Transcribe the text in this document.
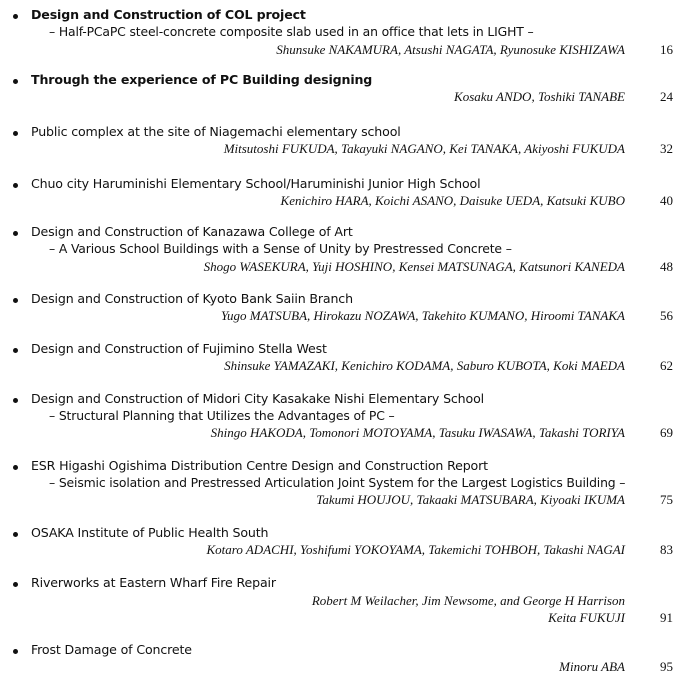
Design and Construction of COL project
– Half-PCaPC steel-concrete composite slab used in an office that lets in LIGHT –
Shunsuke NAKAMURA, Atsushi NAGATA, Ryunosuke KISHIZAWA	16
Through the experience of PC Building designing
Kosaku ANDO, Toshiki TANABE	24
Public complex at the site of Niagemachi elementary school
Mitsutoshi FUKUDA, Takayuki NAGANO, Kei TANAKA, Akiyoshi FUKUDA	32
Chuo city Haruminishi Elementary School/Haruminishi Junior High School
Kenichiro HARA, Koichi ASANO, Daisuke UEDA, Katsuki KUBO	40
Design and Construction of Kanazawa College of Art
– A Various School Buildings with a Sense of Unity by Prestressed Concrete –
Shogo WASEKURA, Yuji HOSHINO, Kensei MATSUNAGA, Katsunori KANEDA	48
Design and Construction of Kyoto Bank Saiin Branch
Yugo MATSUBA, Hirokazu NOZAWA, Takehito KUMANO, Hiroomi TANAKA	56
Design and Construction of Fujimino Stella West
Shinsuke YAMAZAKI, Kenichiro KODAMA, Saburo KUBOTA, Koki MAEDA	62
Design and Construction of Midori City Kasakake Nishi Elementary School
– Structural Planning that Utilizes the Advantages of PC –
Shingo HAKODA, Tomonori MOTOYAMA, Tasuku IWASAWA, Takashi TORIYA	69
ESR Higashi Ogishima Distribution Centre Design and Construction Report
– Seismic isolation and Prestressed Articulation Joint System for the Largest Logistics Building –
Takumi HOUJOU, Takaaki MATSUBARA, Kiyoaki IKUMA	75
OSAKA Institute of Public Health South
Kotaro ADACHI, Yoshifumi YOKOYAMA, Takemichi TOHBOH, Takashi NAGAI	83
Riverworks at Eastern Wharf Fire Repair
Robert M Weilacher, Jim Newsome, and George H Harrison
Keita FUKUJI	91
Frost Damage of Concrete
Minoru ABA	95
